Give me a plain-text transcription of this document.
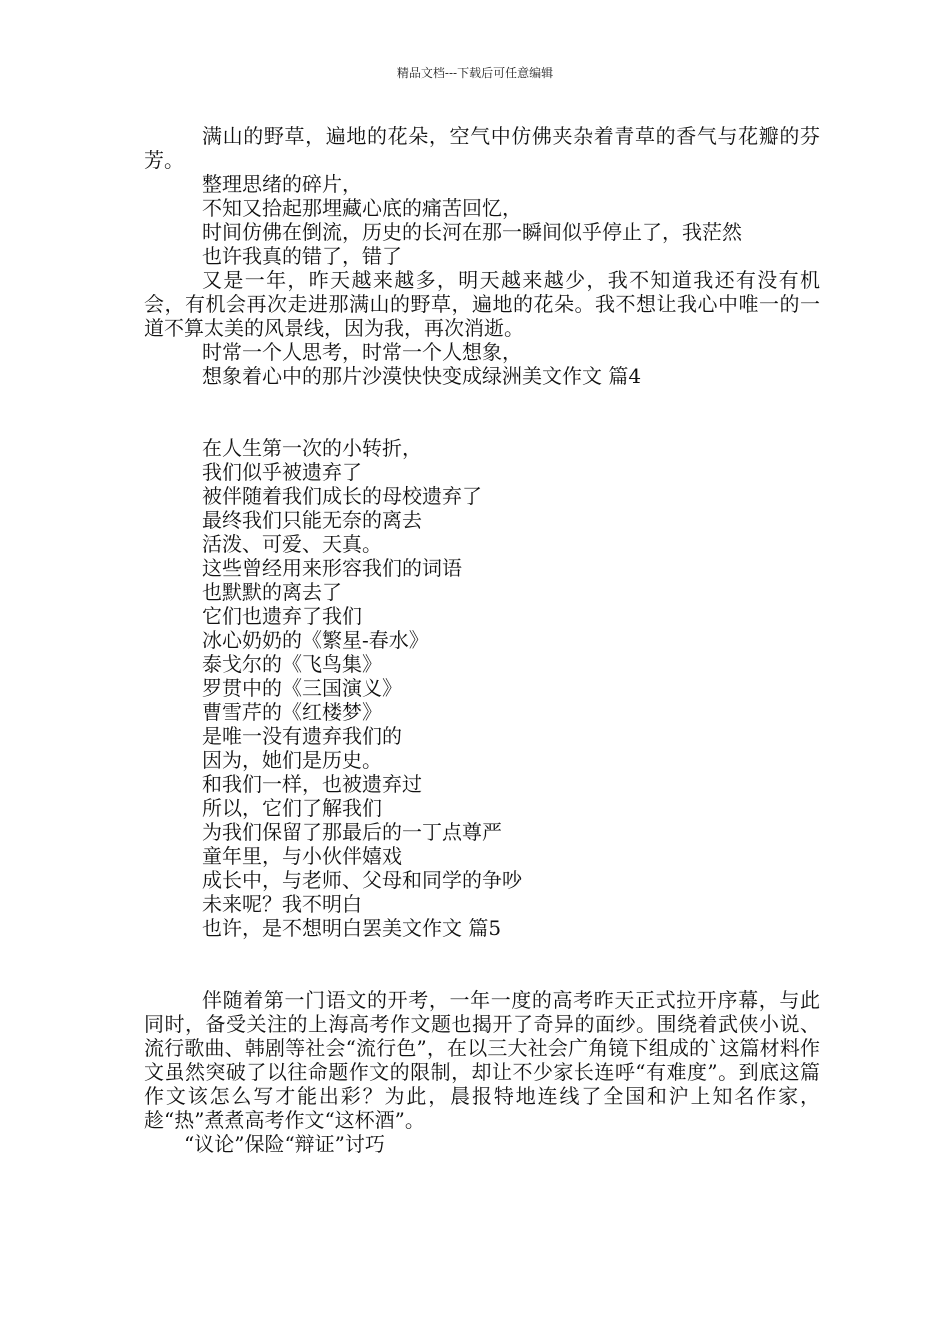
精品文档---下载后可任意编辑

满山的野草，遍地的花朵，空气中仿佛夹杂着青草的香气与花瓣的芬芳。

整理思绪的碎片，

不知又拾起那埋藏心底的痛苦回忆，

时间仿佛在倒流，历史的长河在那一瞬间似乎停止了，我茫然

也许我真的错了，错了

又是一年，昨天越来越多，明天越来越少，我不知道我还有没有机会，有机会再次走进那满山的野草，遍地的花朵。我不想让我心中唯一的一道不算太美的风景线，因为我，再次消逝。

时常一个人思考，时常一个人想象，

想象着心中的那片沙漠快快变成绿洲美文作文 篇4

在人生第一次的小转折，

我们似乎被遗弃了

被伴随着我们成长的母校遗弃了

最终我们只能无奈的离去

活泼、可爱、天真。

这些曾经用来形容我们的词语

也默默的离去了

它们也遗弃了我们

冰心奶奶的《繁星-春水》

泰戈尔的《飞鸟集》

罗贯中的《三国演义》

曹雪芹的《红楼梦》

是唯一没有遗弃我们的

因为，她们是历史。

和我们一样，也被遗弃过

所以，它们了解我们

为我们保留了那最后的一丁点尊严

童年里，与小伙伴嬉戏

成长中，与老师、父母和同学的争吵

未来呢？我不明白

也许，是不想明白罢美文作文 篇5

伴随着第一门语文的开考，一年一度的高考昨天正式拉开序幕，与此同时，备受关注的上海高考作文题也揭开了奇异的面纱。围绕着武侠小说、流行歌曲、韩剧等社会“流行色”，在以三大社会广角镜下组成的`这篇材料作文虽然突破了以往命题作文的限制，却让不少家长连呼“有难度”。到底这篇作文该怎么写才能出彩？为此，晨报特地连线了全国和沪上知名作家，趁“热”煮煮高考作文“这杯酒”。

“议论”保险“辩证”讨巧
